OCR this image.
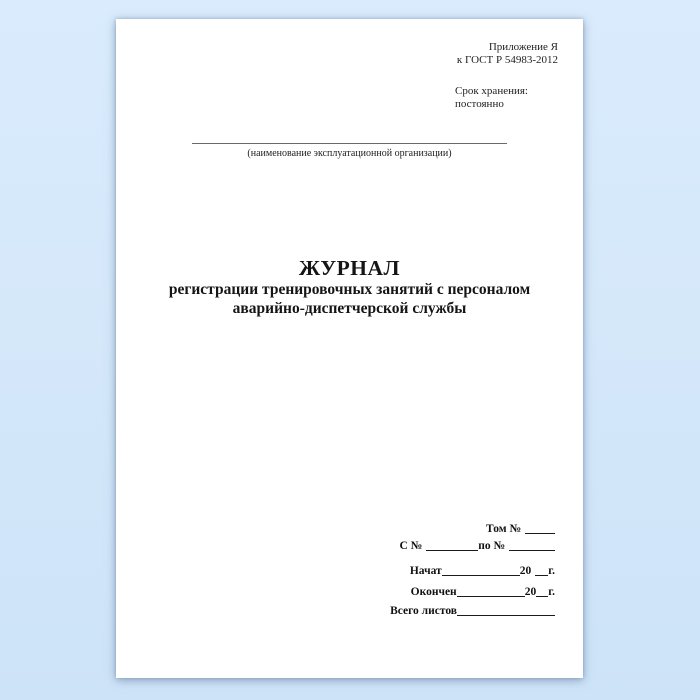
Приложение Я
к ГОСТ Р 54983-2012
Срок хранения:
постоянно
(наименование эксплуатационной организации)
ЖУРНАЛ
регистрации тренировочных занятий с персоналом
аварийно-диспетчерской службы
Том №
С №	по №
Начат	20 г.
Окончен	20 г.
Всего листов
